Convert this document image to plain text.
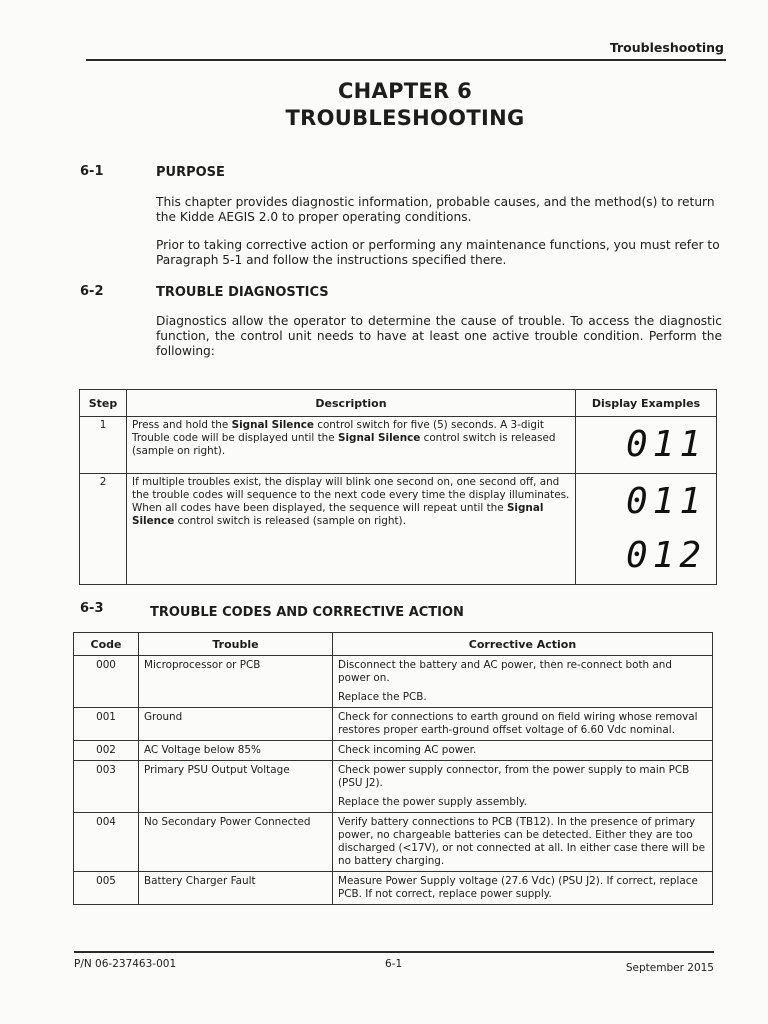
Troubleshooting
CHAPTER 6
TROUBLESHOOTING
6-1	PURPOSE
This chapter provides diagnostic information, probable causes, and the method(s) to return the Kidde AEGIS 2.0 to proper operating conditions.
Prior to taking corrective action or performing any maintenance functions, you must refer to Paragraph 5-1 and follow the instructions specified there.
6-2	TROUBLE DIAGNOSTICS
Diagnostics allow the operator to determine the cause of trouble. To access the diagnostic function, the control unit needs to have at least one active trouble condition. Perform the following:
Step	Description	Display Examples
1	Press and hold the Signal Silence control switch for five (5) seconds. A 3-digit Trouble code will be displayed until the Signal Silence control switch is released (sample on right).	011

2	If multiple troubles exist, the display will blink one second on, one second off, and the trouble codes will sequence to the next code every time the display illuminates. When all codes have been displayed, the sequence will repeat until the Signal Silence control switch is released (sample on right).	011
012
6-3	TROUBLE CODES AND CORRECTIVE ACTION
Code	Trouble	Corrective Action
000	Microprocessor or PCB	Disconnect the battery and AC power, then re-connect both and power on.

Replace the PCB.

001	Ground	Check for connections to earth ground on field wiring whose removal restores proper earth-ground offset voltage of 6.60 Vdc nominal.

002	AC Voltage below 85%	Check incoming AC power.

003	Primary PSU Output Voltage	Check power supply connector, from the power supply to main PCB (PSU J2).

Replace the power supply assembly.

004	No Secondary Power Connected	Verify battery connections to PCB (TB12). In the presence of primary power, no chargeable batteries can be detected. Either they are too discharged (<17V), or not connected at all. In either case there will be no battery charging.

005	Battery Charger Fault	Measure Power Supply voltage (27.6 Vdc) (PSU J2). If correct, replace PCB. If not correct, replace power supply.

P/N 06-237463-001	6-1	September 2015
